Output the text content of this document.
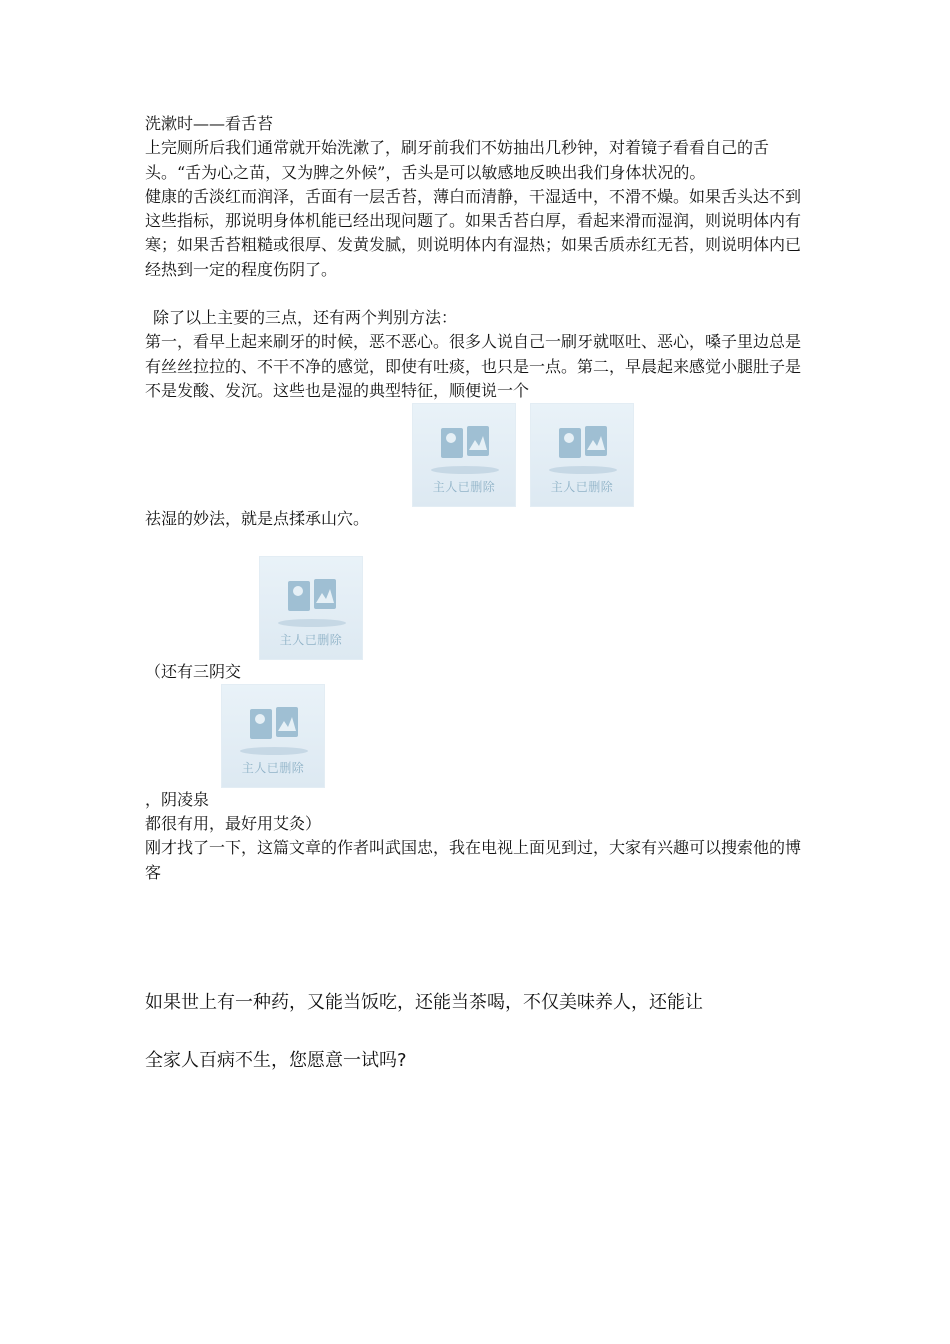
洗漱时——看舌苔

上完厕所后我们通常就开始洗漱了，刷牙前我们不妨抽出几秒钟，对着镜子看看自己的舌头。“舌为心之苗，又为脾之外候”，舌头是可以敏感地反映出我们身体状况的。

健康的舌淡红而润泽，舌面有一层舌苔，薄白而清静，干湿适中，不滑不燥。如果舌头达不到这些指标，那说明身体机能已经出现问题了。如果舌苔白厚，看起来滑而湿润，则说明体内有寒；如果舌苔粗糙或很厚、发黄发腻，则说明体内有湿热；如果舌质赤红无苔，则说明体内已经热到一定的程度伤阴了。

除了以上主要的三点，还有两个判别方法：

第一，看早上起来刷牙的时候，恶不恶心。很多人说自己一刷牙就呕吐、恶心，嗓子里边总是有丝丝拉拉的、不干不净的感觉，即使有吐痰，也只是一点。第二，早晨起来感觉小腿肚子是不是发酸、发沉。这些也是湿的典型特征，顺便说一个

主人已删除	主人已删除

祛湿的妙法，就是点揉承山穴。

主人已删除

（还有三阴交

主人已删除

，阴凌泉

都很有用，最好用艾灸）

刚才找了一下，这篇文章的作者叫武国忠，我在电视上面见到过，大家有兴趣可以搜索他的博客

如果世上有一种药，又能当饭吃，还能当茶喝，不仅美味养人，还能让
全家人百病不生，您愿意一试吗?
